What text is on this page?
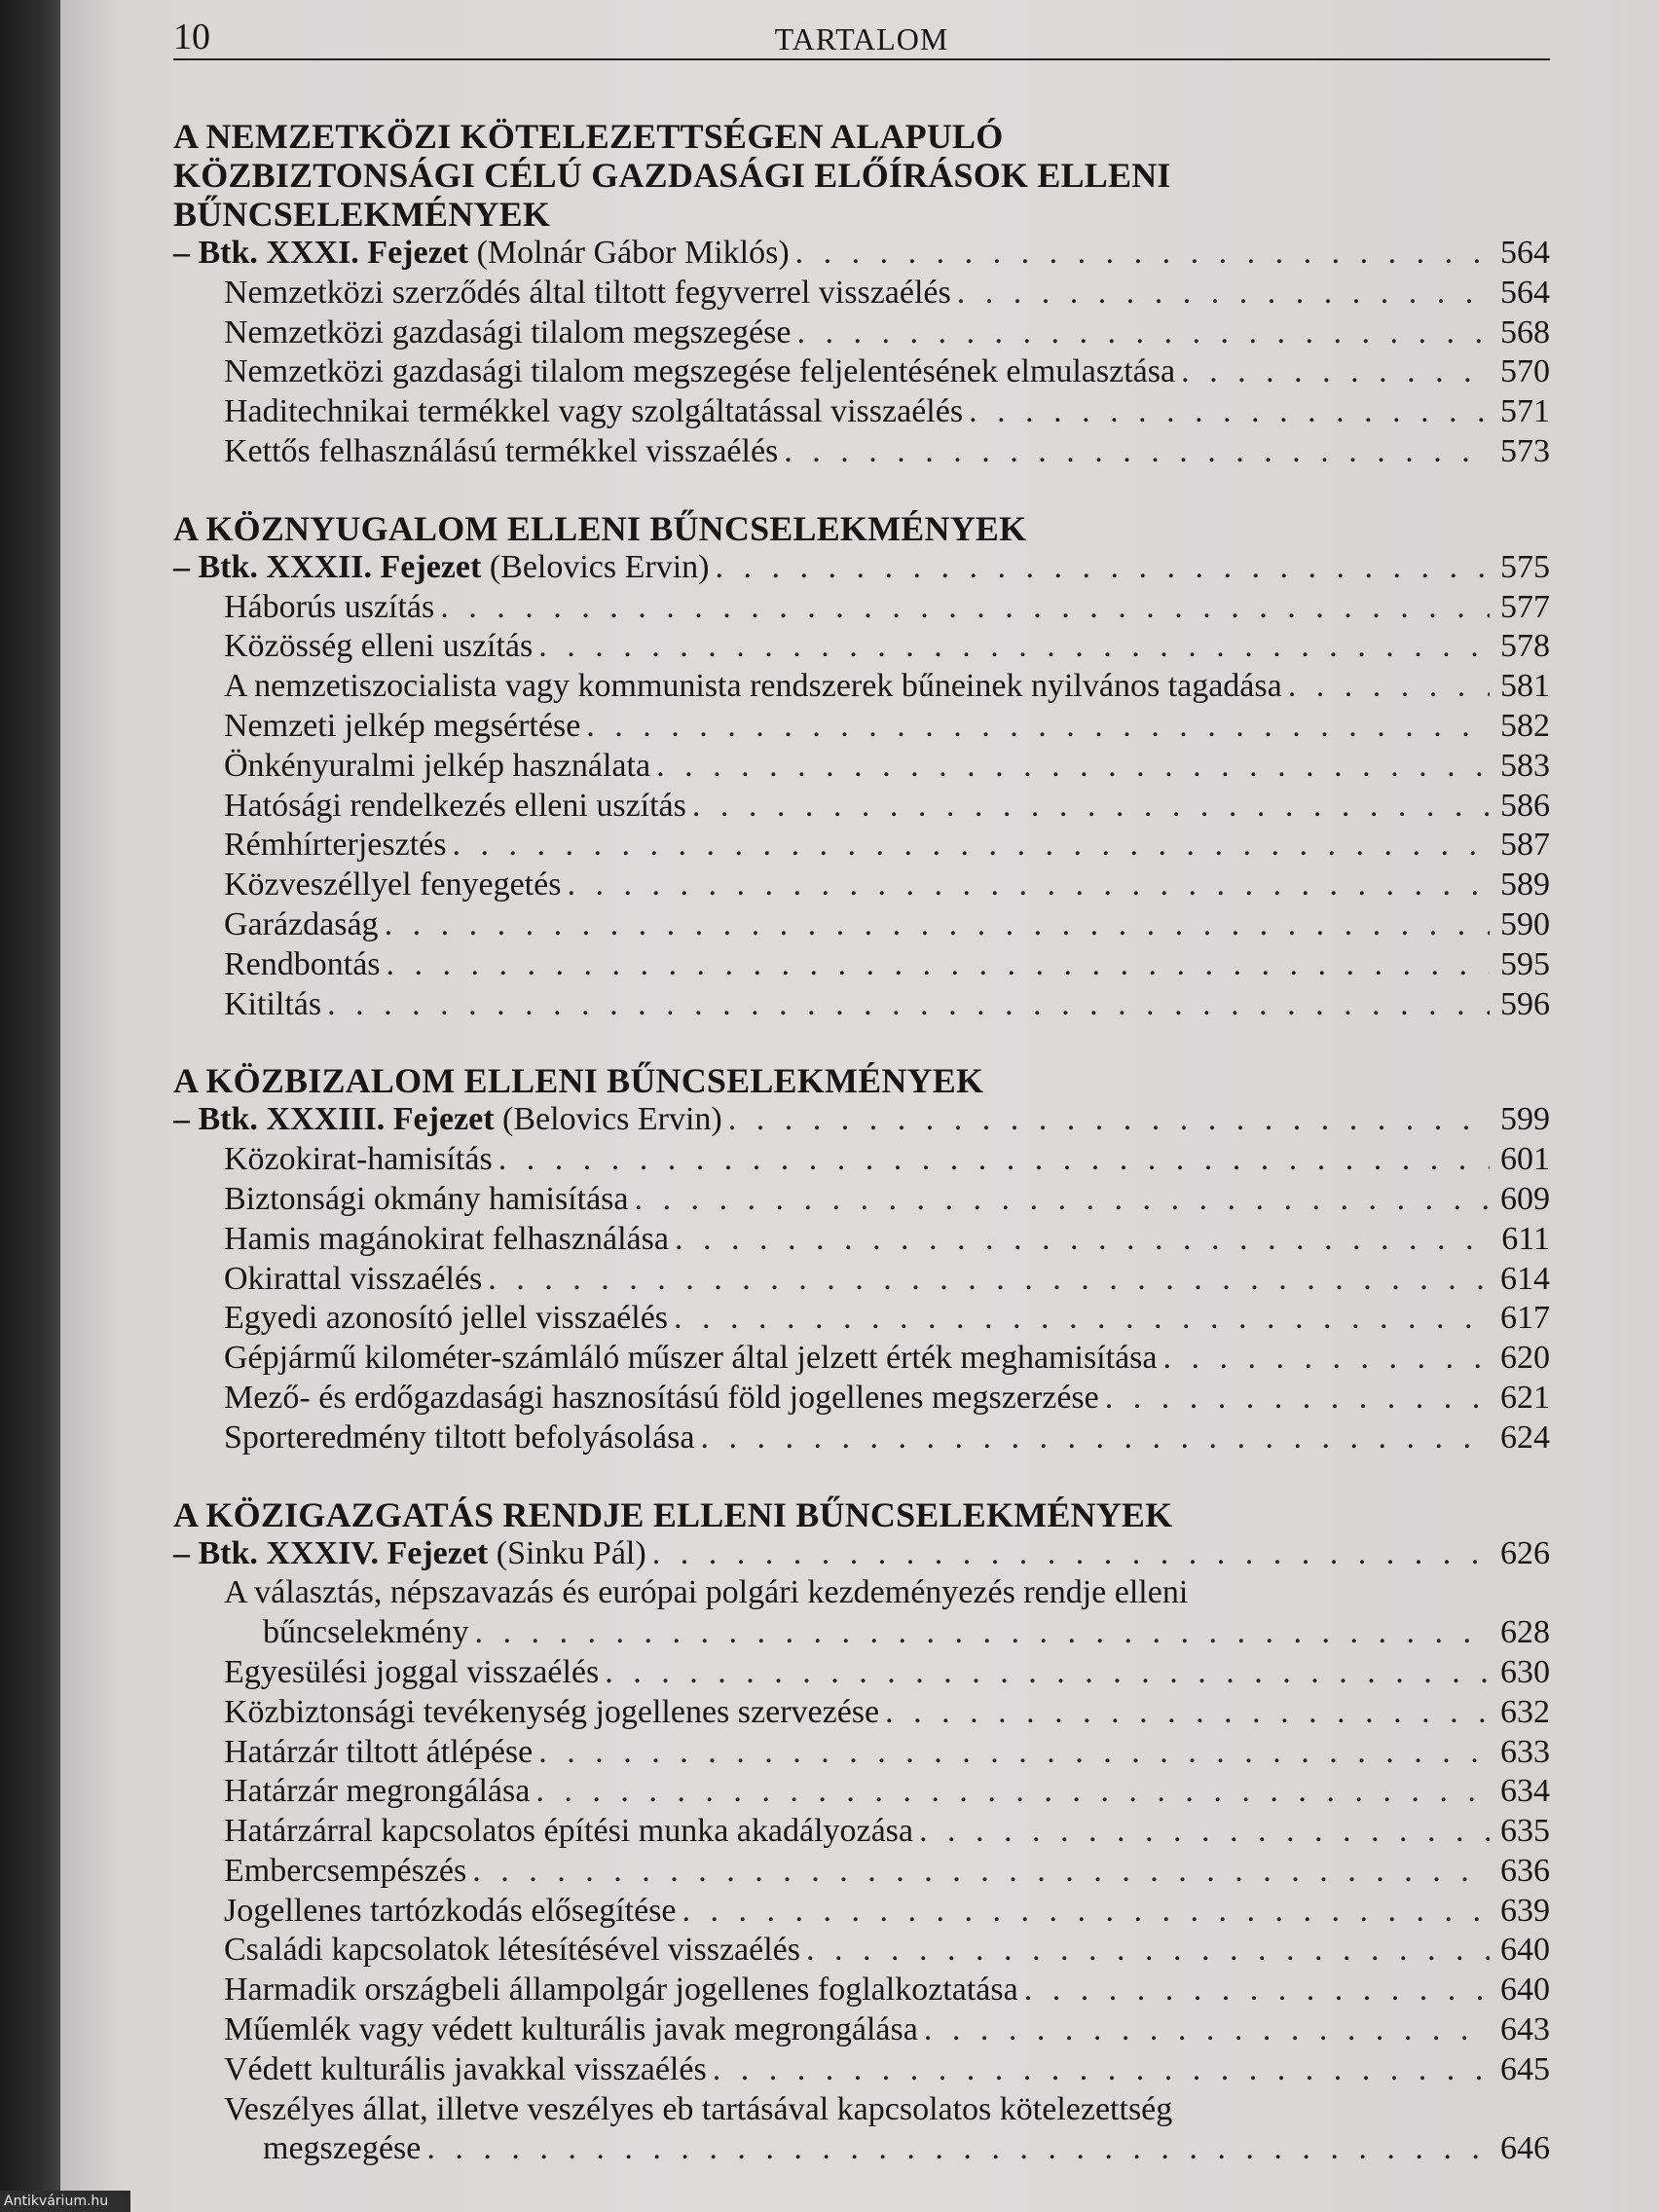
10	TARTALOM
A NEMZETKÖZI KÖTELEZETTSÉGEN ALAPULÓ
KÖZBIZTONSÁGI CÉLÚ GAZDASÁGI ELŐÍRÁSOK ELLENI
BŰNCSELEKMÉNYEK
– Btk. XXXI. Fejezet (Molnár Gábor Miklós) . . .	564
Nemzetközi szerződés által tiltott fegyverrel visszaélés . . .	564
Nemzetközi gazdasági tilalom megszegése . . .	568
Nemzetközi gazdasági tilalom megszegése feljelentésének elmulasztása . . .	570
Haditechnikai termékkel vagy szolgáltatással visszaélés . . .	571
Kettős felhasználású termékkel visszaélés . . .	573
A KÖZNYUGALOM ELLENI BŰNCSELEKMÉNYEK
– Btk. XXXII. Fejezet (Belovics Ervin) . . .	575
Háborús uszítás . . .	577
Közösség elleni uszítás . . .	578
A nemzetiszocialista vagy kommunista rendszerek bűneinek nyilvános tagadása . . .	581
Nemzeti jelkép megsértése . . .	582
Önkényuralmi jelkép használata . . .	583
Hatósági rendelkezés elleni uszítás . . .	586
Rémhírterjesztés . . .	587
Közveszéllyel fenyegetés . . .	589
Garázdaság . . .	590
Rendbontás . . .	595
Kitiltás . . .	596
A KÖZBIZALOM ELLENI BŰNCSELEKMÉNYEK
– Btk. XXXIII. Fejezet (Belovics Ervin) . . .	599
Közokirat-hamisítás . . .	601
Biztonsági okmány hamisítása . . .	609
Hamis magánokirat felhasználása . . .	611
Okirattal visszaélés . . .	614
Egyedi azonosító jellel visszaélés . . .	617
Gépjármű kilométer-számláló műszer által jelzett érték meghamisítása . . .	620
Mező- és erdőgazdasági hasznosítású föld jogellenes megszerzése . . .	621
Sporteredmény tiltott befolyásolása . . .	624
A KÖZIGAZGATÁS RENDJE ELLENI BŰNCSELEKMÉNYEK
– Btk. XXXIV. Fejezet (Sinku Pál) . . .	626
A választás, népszavazás és európai polgári kezdeményezés rendje elleni
bűncselekmény . . .	628
Egyesülési joggal visszaélés . . .	630
Közbiztonsági tevékenység jogellenes szervezése . . .	632
Határzár tiltott átlépése . . .	633
Határzár megrongálása . . .	634
Határzárral kapcsolatos építési munka akadályozása . . .	635
Embercsempészés . . .	636
Jogellenes tartózkodás elősegítése . . .	639
Családi kapcsolatok létesítésével visszaélés . . .	640
Harmadik országbeli állampolgár jogellenes foglalkoztatása . . .	640
Műemlék vagy védett kulturális javak megrongálása . . .	643
Védett kulturális javakkal visszaélés . . .	645
Veszélyes állat, illetve veszélyes eb tartásával kapcsolatos kötelezettség
megszegése . . .	646
Antikvárium.hu
